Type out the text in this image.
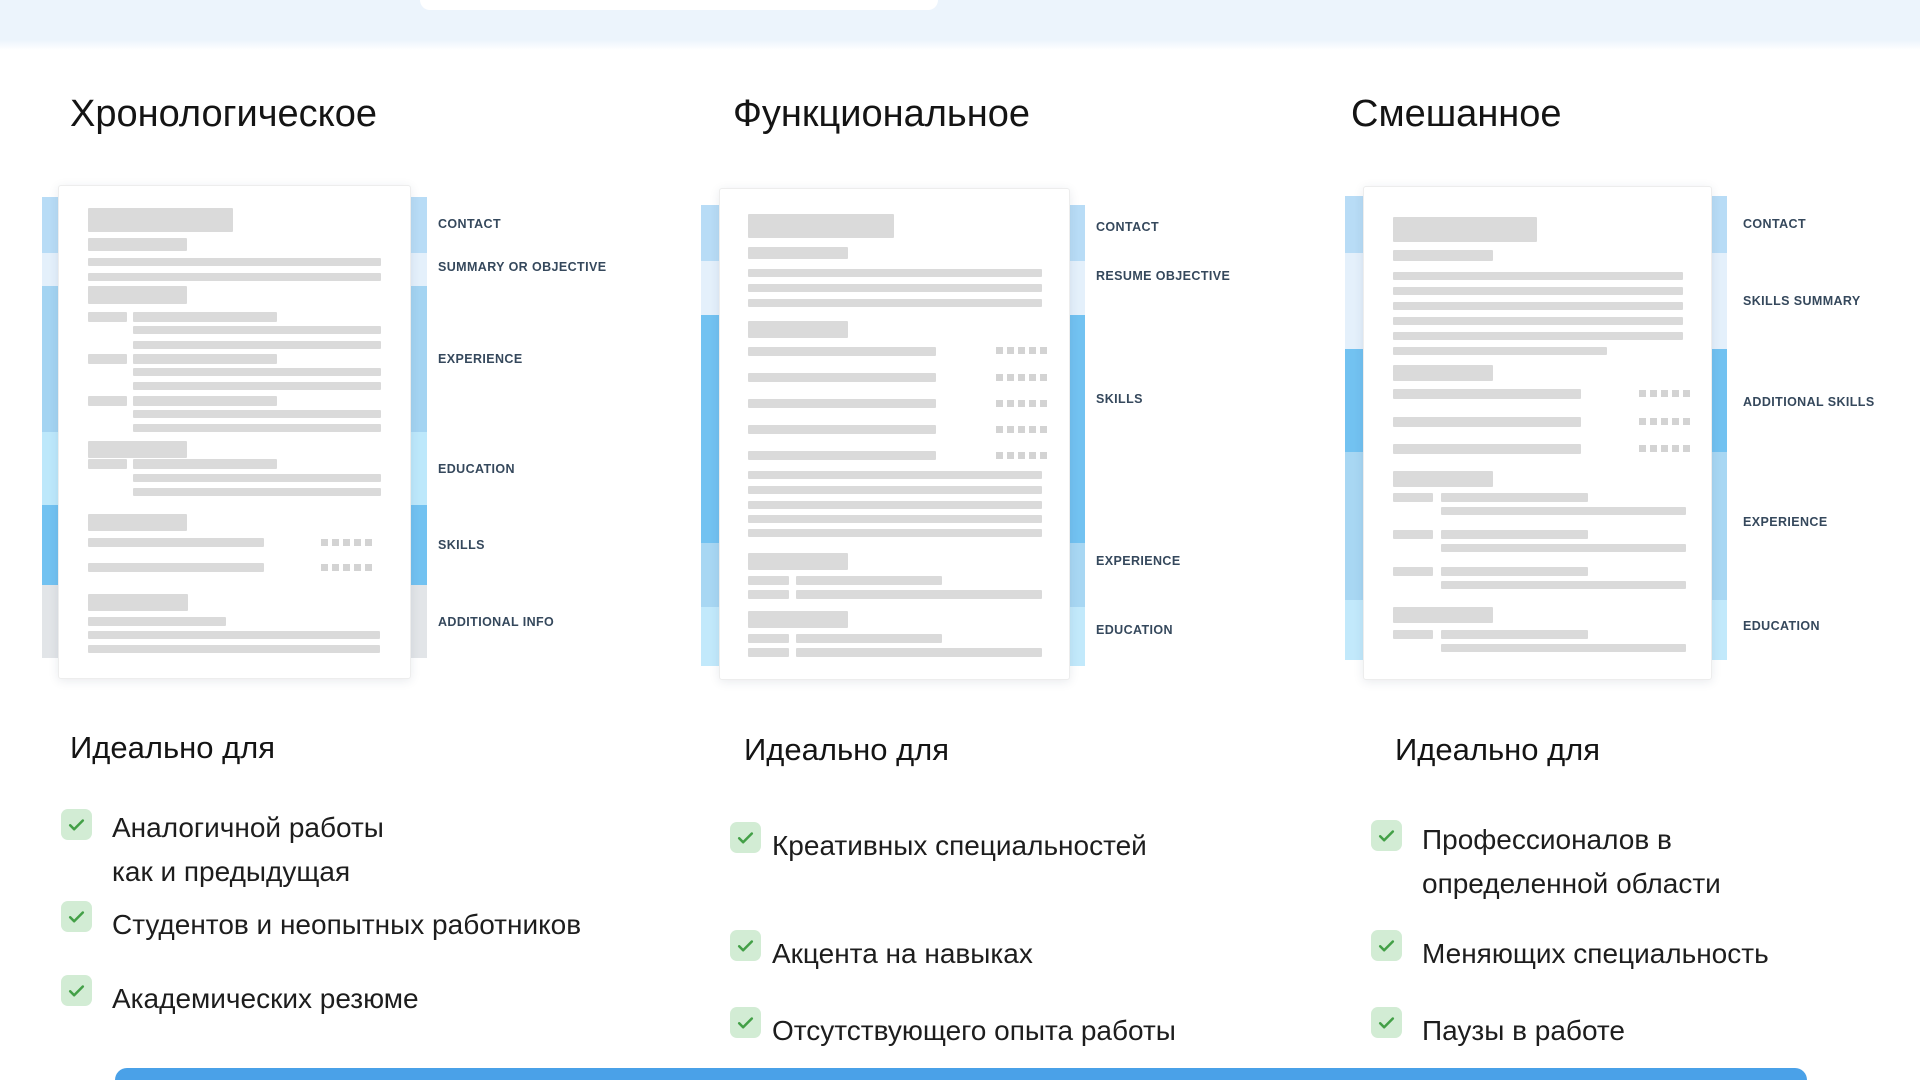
Хронологическое	Функциональное	Смешанное
CONTACT
SUMMARY OR OBJECTIVE
EXPERIENCE
EDUCATION
SKILLS
ADDITIONAL INFO
CONTACT
RESUME OBJECTIVE
SKILLS
EXPERIENCE
EDUCATION
CONTACT
SKILLS SUMMARY
ADDITIONAL SKILLS
EXPERIENCE
EDUCATION
Идеально для	Идеально для	Идеально для
Аналогичной работы
как и предыдущая
Студентов и неопытных работников
Академических резюме
Креативных специальностей
Акцента на навыках
Отсутствующего опыта работы
Профессионалов в
определенной области
Меняющих специальность
Паузы в работе
